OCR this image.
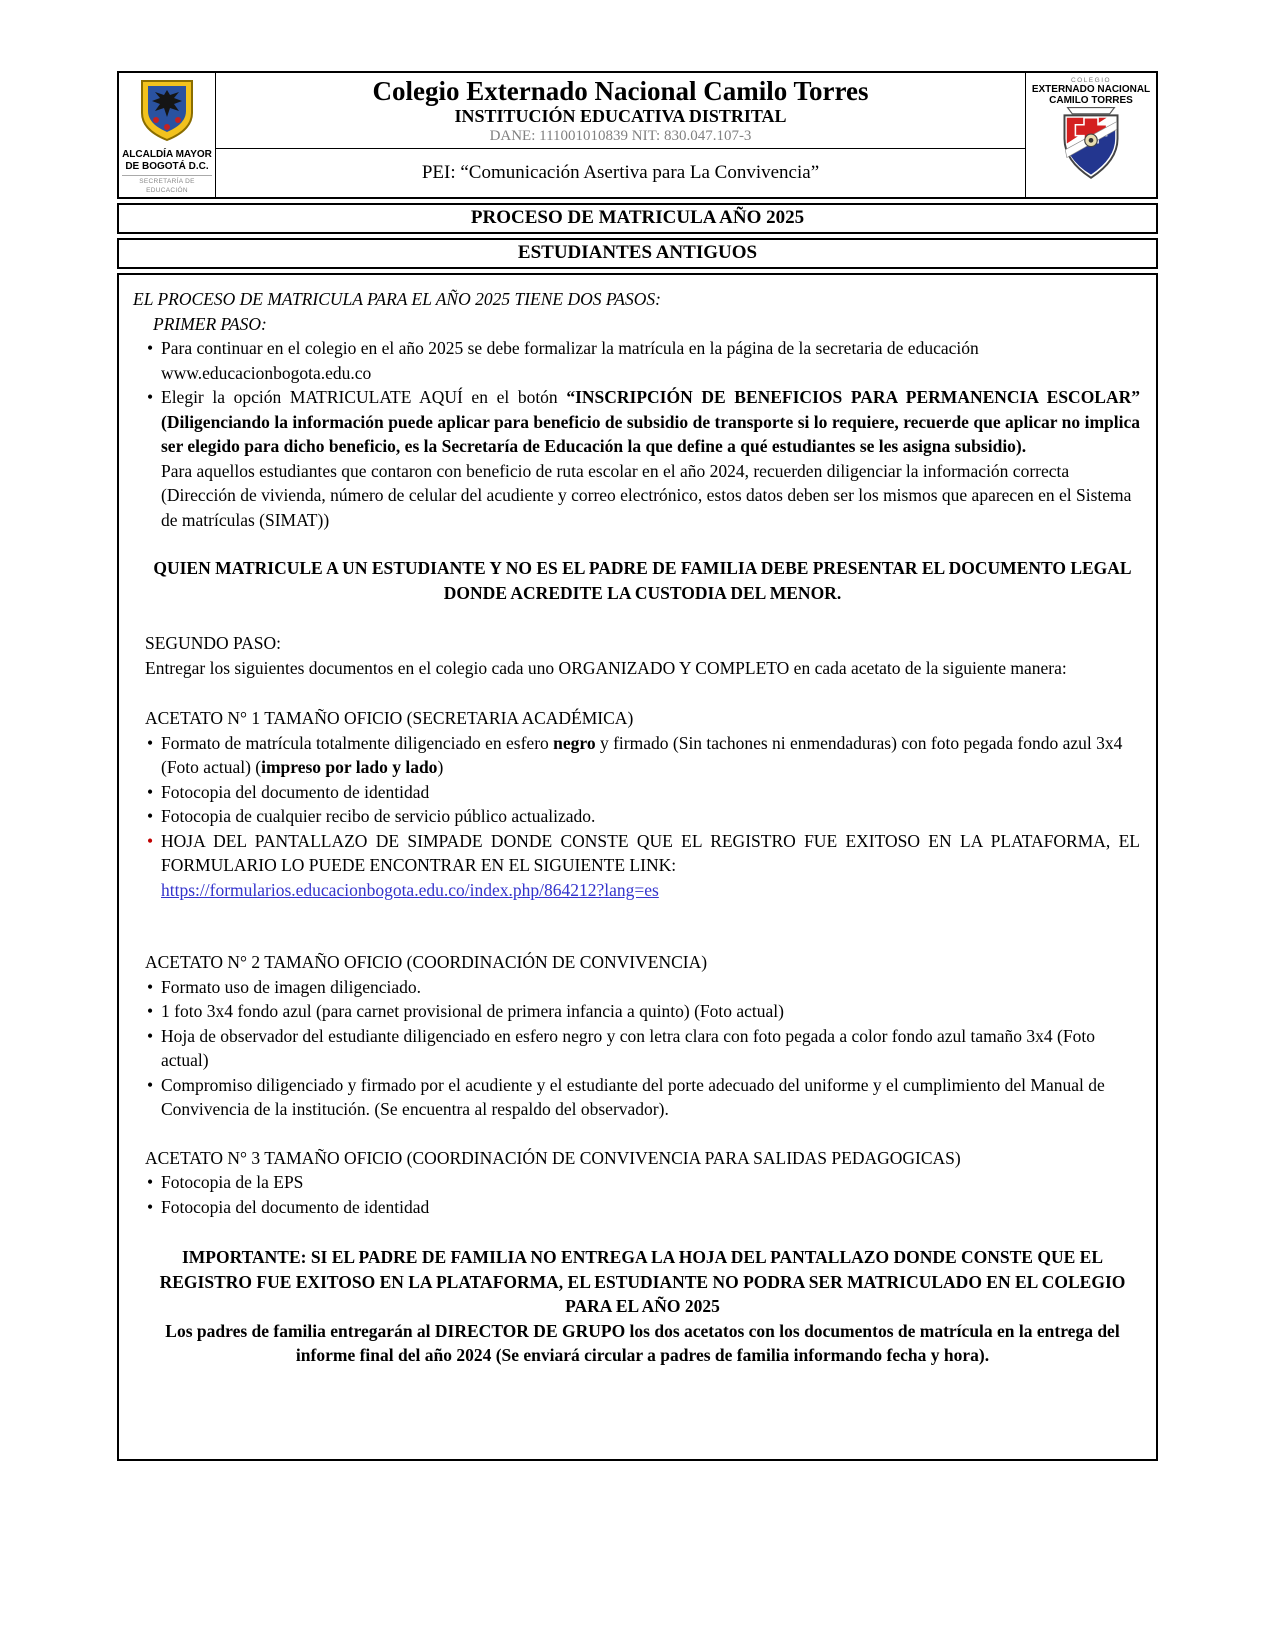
ALCALDÍA MAYOR
DE BOGOTÁ D.C.
SECRETARÍA DE EDUCACIÓN
Colegio Externado Nacional Camilo Torres
INSTITUCIÓN EDUCATIVA DISTRITAL
DANE: 111001010839 NIT: 830.047.107-3
PEI: “Comunicación Asertiva para La Convivencia”
COLEGIO
EXTERNADO NACIONAL
CAMILO TORRES
PROCESO DE MATRICULA AÑO 2025
ESTUDIANTES ANTIGUOS
EL PROCESO DE MATRICULA PARA EL AÑO 2025 TIENE DOS PASOS:
PRIMER PASO:
• Para continuar en el colegio en el año 2025 se debe formalizar la matrícula en la página de la secretaria de educación www.educacionbogota.edu.co
• Elegir la opción MATRICULATE AQUÍ en el botón “INSCRIPCIÓN DE BENEFICIOS PARA PERMANENCIA ESCOLAR” (Diligenciando la información puede aplicar para beneficio de subsidio de transporte si lo requiere, recuerde que aplicar no implica ser elegido para dicho beneficio, es la Secretaría de Educación la que define a qué estudiantes se les asigna subsidio).
Para aquellos estudiantes que contaron con beneficio de ruta escolar en el año 2024, recuerden diligenciar la información correcta (Dirección de vivienda, número de celular del acudiente y correo electrónico, estos datos deben ser los mismos que aparecen en el Sistema de matrículas (SIMAT))
QUIEN MATRICULE A UN ESTUDIANTE Y NO ES EL PADRE DE FAMILIA DEBE PRESENTAR EL DOCUMENTO LEGAL DONDE ACREDITE LA CUSTODIA DEL MENOR.
SEGUNDO PASO:
Entregar los siguientes documentos en el colegio cada uno ORGANIZADO Y COMPLETO en cada acetato de la siguiente manera:
ACETATO N° 1 TAMAÑO OFICIO (SECRETARIA ACADÉMICA)
• Formato de matrícula totalmente diligenciado en esfero negro y firmado (Sin tachones ni enmendaduras) con foto pegada fondo azul 3x4 (Foto actual) (impreso por lado y lado)
• Fotocopia del documento de identidad
• Fotocopia de cualquier recibo de servicio público actualizado.
• HOJA DEL PANTALLAZO DE SIMPADE DONDE CONSTE QUE EL REGISTRO FUE EXITOSO EN LA PLATAFORMA, EL FORMULARIO LO PUEDE ENCONTRAR EN EL SIGUIENTE LINK:
https://formularios.educacionbogota.edu.co/index.php/864212?lang=es
ACETATO N° 2 TAMAÑO OFICIO (COORDINACIÓN DE CONVIVENCIA)
• Formato uso de imagen diligenciado.
• 1 foto 3x4 fondo azul (para carnet provisional de primera infancia a quinto) (Foto actual)
• Hoja de observador del estudiante diligenciado en esfero negro y con letra clara con foto pegada a color fondo azul tamaño 3x4 (Foto actual)
• Compromiso diligenciado y firmado por el acudiente y el estudiante del porte adecuado del uniforme y el cumplimiento del Manual de Convivencia de la institución. (Se encuentra al respaldo del observador).
ACETATO N° 3 TAMAÑO OFICIO (COORDINACIÓN DE CONVIVENCIA PARA SALIDAS PEDAGOGICAS)
• Fotocopia de la EPS
• Fotocopia del documento de identidad
IMPORTANTE: SI EL PADRE DE FAMILIA NO ENTREGA LA HOJA DEL PANTALLAZO DONDE CONSTE QUE EL REGISTRO FUE EXITOSO EN LA PLATAFORMA, EL ESTUDIANTE NO PODRA SER MATRICULADO EN EL COLEGIO PARA EL AÑO 2025
Los padres de familia entregarán al DIRECTOR DE GRUPO los dos acetatos con los documentos de matrícula en la entrega del informe final del año 2024 (Se enviará circular a padres de familia informando fecha y hora).
